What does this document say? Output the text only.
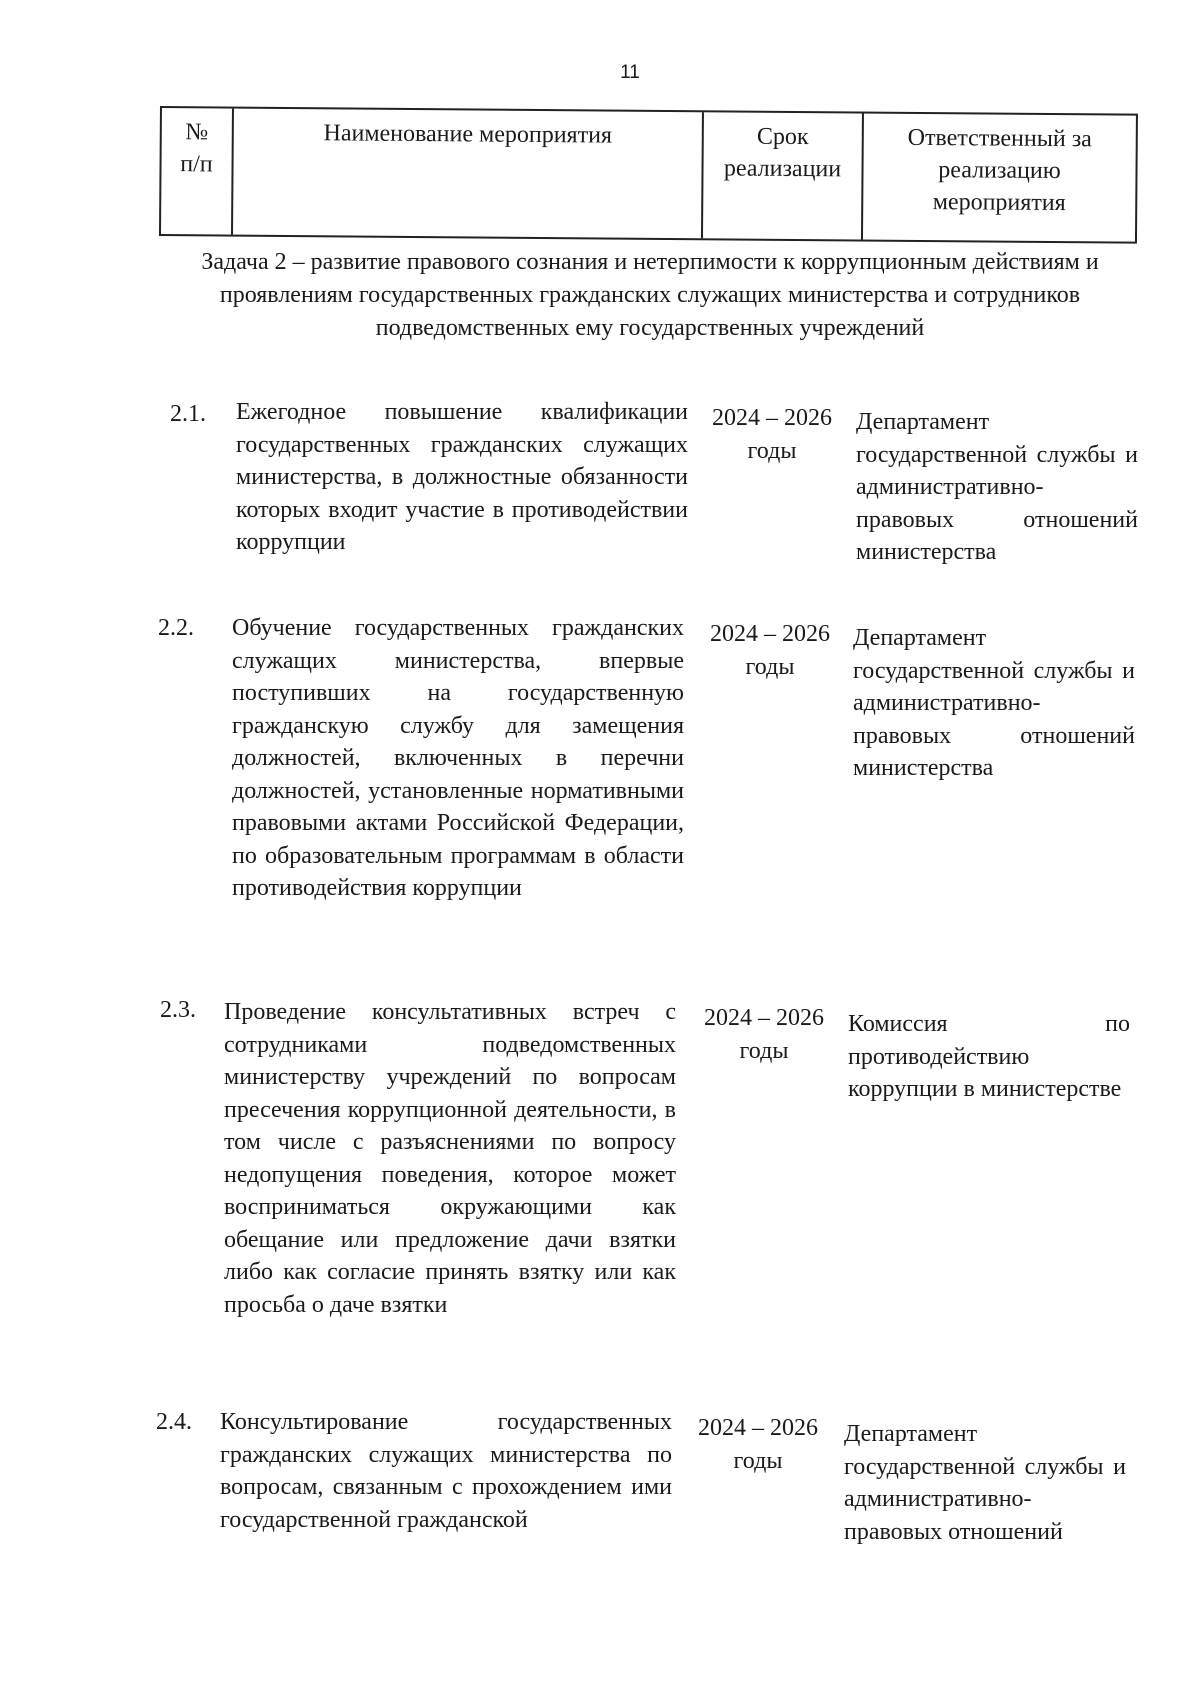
11
№ п/п
Наименование мероприятия	Срок реализации
Ответственный за реализацию мероприятия
Задача 2 – развитие правового сознания и нетерпимости к коррупционным действиям и проявлениям государственных гражданских служащих министерства и сотрудников подведомственных ему государственных учреждений
2.1. Ежегодное повышение квалификации государственных гражданских служащих министерства, в должностные обязанности которых входит участие в противодействии коррупции
2024 – 2026
годы
Департамент государственной службы и административно-правовых отношений министерства
2.2. Обучение государственных гражданских служащих министерства, впервые поступивших на государственную гражданскую службу для замещения должностей, включенных в перечни должностей, установленные нормативными правовыми актами Российской Федерации, по образовательным программам в области противодействия коррупции
2024 – 2026
годы
Департамент государственной службы и административно-правовых отношений министерства
2.3. Проведение консультативных встреч с сотрудниками подведомственных министерству учреждений по вопросам пресечения коррупционной деятельности, в том числе с разъяснениями по вопросу недопущения поведения, которое может восприниматься окружающими как обещание или предложение дачи взятки либо как согласие принять взятку или как просьба о даче взятки
2024 – 2026
годы
Комиссия по противодействию коррупции в министерстве
2.4. Консультирование государственных гражданских служащих министерства по вопросам, связанным с прохождением ими государственной гражданской
2024 – 2026
годы
Департамент государственной службы и административно-правовых отношений
